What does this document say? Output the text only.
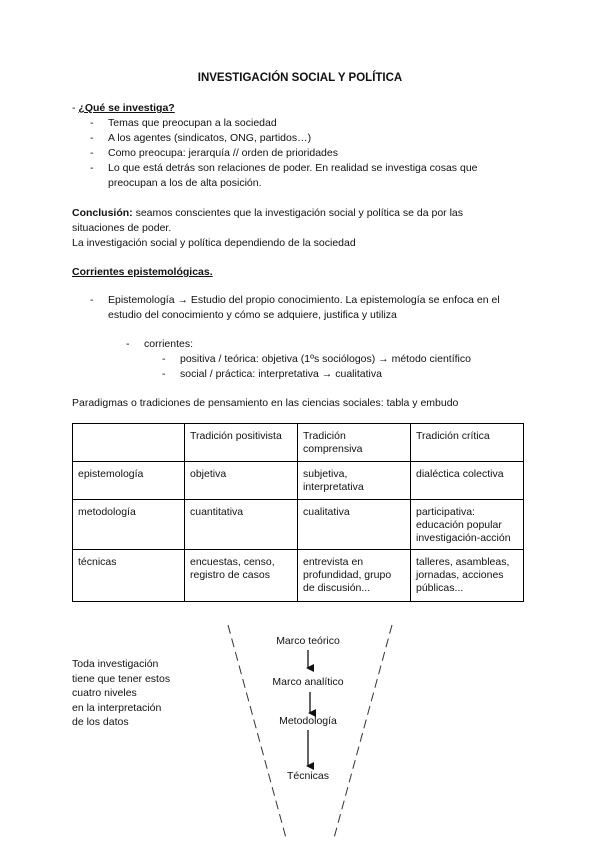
INVESTIGACIÓN SOCIAL Y POLÍTICA
- ¿Qué se investiga?
- Temas que preocupan a la sociedad
- A los agentes (sindicatos, ONG, partidos…)
- Como preocupa: jerarquía // orden de prioridades
- Lo que está detrás son relaciones de poder. En realidad se investiga cosas que
preocupan a los de alta posición.
Conclusión: seamos conscientes que la investigación social y política se da por las
situaciones de poder.
La investigación social y política dependiendo de la sociedad
Corrientes epistemológicas.
- Epistemología → Estudio del propio conocimiento. La epistemología se enfoca en el
estudio del conocimiento y cómo se adquiere, justifica y utiliza
- corrientes:
- positiva / teórica: objetiva (1ºs sociólogos) → método científico
- social / práctica: interpretativa → cualitativa
Paradigmas o tradiciones de pensamiento en las ciencias sociales: tabla y embudo
	Tradición positivista	Tradición comprensiva	Tradición crítica
epistemología	objetiva	subjetiva, interpretativa	dialéctica colectiva
metodología	cuantitativa	cualitativa	participativa: educación popular investigación-acción
técnicas	encuestas, censo, registro de casos	entrevista en profundidad, grupo de discusión...	talleres, asambleas, jornadas, acciones públicas...
Toda investigación
tiene que tener estos
cuatro niveles
en la interpretación
de los datos
Marco teórico
Marco analítico
Metodología
Técnicas
